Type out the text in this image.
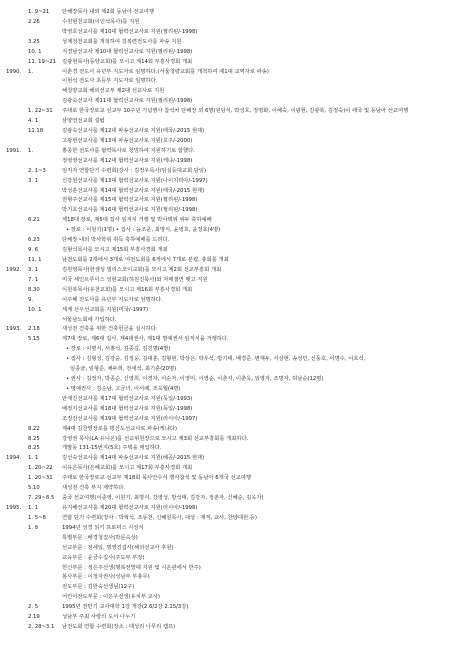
1. 9~21	단해장목사 내외 제2회 동남아 선교여행
2.26	수원현천교회(이인석목사)를 지원
박영호선교사를 제10대 협력선교사로 지원(필리핀/-1998)
3.25	성계청천교회를 개척하여 김복련전도사를 파송 지원
10. 1	지경남선교사 제10대 협력선교사로 지원(필리핀/-1998)
11. 19~21	김광현목사(동양교회)를 모시고 제14회 부흥사경회 개최
1990.	1.	이춘경 전도사 유년부 지도자로 임명하다.(서울청량교회를 개척하여 제1대 교역자로 파송)
이현석 전도사 초등부 지도자로 임명하다.
해청양교회 해외선교부 제2대 선교사로 지원
김광숙선교사 제11대 협력선교사로 지원(필리핀/-1998)
1. 22~31	주태로 한국장로교 선교부 10주년 기념행사 참석차 단해장 외 6명(원담식, 박성호, 정명화, 이혜숙, 이광현, 김광록, 김정숙)이 태국 및 동남아 선교여행
4. 1	삼양연선교회 설립
11.18	김광숙선교사를 제12대 파송선교사로 지원(태국/-2015 현재)
고광현선교사를 제13대 파송선교사로 지원(호주/-2000)
1991.	1.	홍종한 전도사를 협력목사로 청빙하여 지원하기로 함했다.
정영영선교사를 제12대 협력선교사로 지원(케냐/-1998)
2. 1~3	임직자 연합단기 수련회(강사 : 김정우목사/임실등대교회 담임)
3. 1	신강원선교사를 제13대 협력선교사로 지원(나이지리아/-1997)
박성훈선교사를 제14대 협력선교사로 지원(태국/-2015 현재)
전형주선교사를 제15대 협력선교사로 지원(필리핀/-1998)
박기호선교사를 제16대 협력선교사로 지원(필리핀/-1998)
6.21	제18대 장로, 제5대 집사 임직식 거행 및 박사택위 위두 축하예배
• 장로 : 이원기(1명) • 집사 : 윤조운, 최명식, 윤병호, 윤정호(4명)
6.23	단해장 내외 박사학위 취득 축하예배를 드리다.
9. 6	김형석목사를 모시고 제15회 부흥사경회 개최
11. 1	남전도회를 2개에서 3개로 여전도회를 6개에서 7개로 분립, 총회를 개최
1992.	3. 1	김원영목사(한샘성 빌리스코이교회)를 모시고 제2회 선교부흥회 개최
7. 1	미국 세인트루이스 성현교회(허원진목사)와 자매결연 맺고 지원
8.30	이원복목사(유천교회)를 모시고 제16회 부흥사경회 개최
9.	이주혜 전도사를 유년부 지도자로 임명하다.
10. 1	세계 선우선교회를 지원(미국/-1997)
서울남노회에 가입하다.
1993.	2.18	새성전 건축을 위한 건축헌금을 실시하다.
5.15	제7대 장로, 제6대 집사, 제4대권사, 제1대 명예권사 임직식을 거행하다.
• 장로 : 이명식, 서홍석, 김종길, 김진명(4명)
• 집사 : 김형성, 김강윤, 김정웅, 김대훈, 김형현, 박상은, 박우석, 방기태, 배경준, 변재두, 서상현, 송성민, 신동호, 이명수, 이호석,
임종균, 임형준, 채두희, 전세석, 최기훈(20명)
• 권사 : 김정자, 박종순, 신영희, 이경자, 이순자, 이영미, 이영순, 이춘자, 이춘옥, 임영자, 조명자, 허남순(12명)
• 명예권사 : 김순남, 고금녀, 이서례, 조옥월(4명)
안재진선교사를 제17대 협력선교사로 지원(독일/-1993)
배정기선교사를 제18대 협력선교사로 지원(독일/-1998)
조정진선교사를 제19대 협력선교사로 지원(러시아/-1997)
8.22	제4대 김찬영장로를 평신도선교사로 파송(케냐다)
8.25	강영권 목사(LA:유니온)를 선교위원장으로 모시고 제3회 선교부흥회를 개최하다.
8.25	개발동 131-15번지(5호) 주택을 매입하다.
1994.	1. 1	김선숙선교사를 제14대 파송선교사로 지원(헤공/-2015 현재)
1. 20~22	이유은목사(은혜교회)를 모시고 제17회 부흥사경회 개최
1. 20~31	주태로 한국장로교 선교부 제18회 목사안수식 행사참석 및 동남아 6개국 선교여행
5.10	새성전 건축 부지 계약하다.
7. 29~8.5	중국 선교여행(이종영, 이원기, 최명식, 강영성, 방석태, 김강자, 정춘자, 신혜순, 김옥자)
1995.	1. 1	유지혜선교사를 제20대 협력선교사로 지원(러시아/-1998)
1. 5~8	연합 단기 수련회(강사 : 박혁석, 조동천, 신혜원목사, 대상 : 제직, 교사, 찬양대원 등)
1. 8	1994년 성경 읽기 프로미스 시상식
특별부문 : 배경청집사(박문숙상)
선교부문 : 전세일, 명영진집사(해외선교사 후원)
교육부문 : 윤금수집사(주도부 부장)
헌신부문 : 정은주선생(행복전망대 지원 및 시온관에서 반주)
봉사부문 : 이정자권사(성남부 부총무)
전도부문 : 김한숙선생님(12구)
어린이전도부문 : 이은우선생(유치부 교사)
2. 5	1995년 전반기 교사대학 1강 개강(2.6/2강 2.15/3강)
2.19	성남부 주최 사랑의 도서 나누기
2. 28~3.1	남전도회 연합 수련회(장소 : 대성리 나무리 캠프)
